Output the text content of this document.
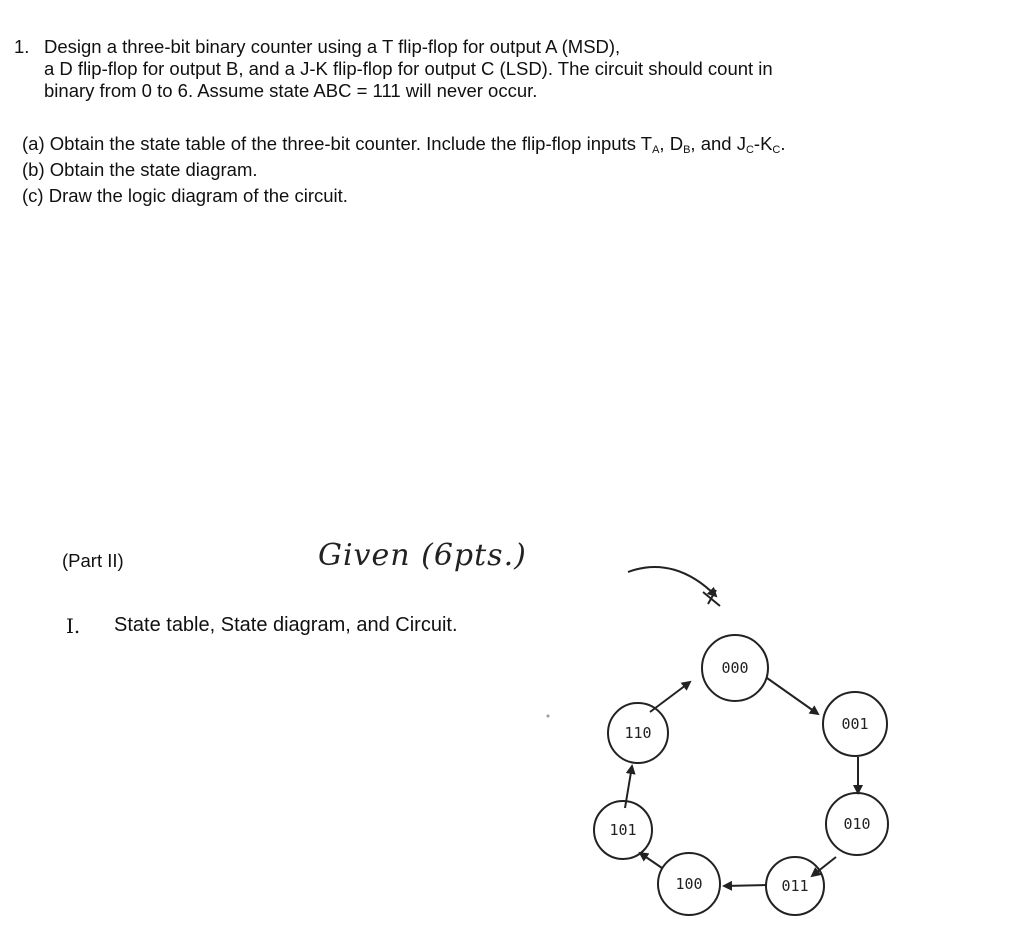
1. Design a three-bit binary counter using a T flip-flop for output A (MSD),
a D flip-flop for output B, and a J-K flip-flop for output C (LSD). The circuit should count in
binary from 0 to 6. Assume state ABC = 111 will never occur.
(a) Obtain the state table of the three-bit counter. Include the flip-flop inputs $T_A$, $D_B$, and $J_C-K_C$.
(b) Obtain the state diagram.
(c) Draw the logic diagram of the circuit.
(Part II)	Given (6pts.)
I. State table, State diagram, and Circuit.
000
001
010
011
100
101
110
